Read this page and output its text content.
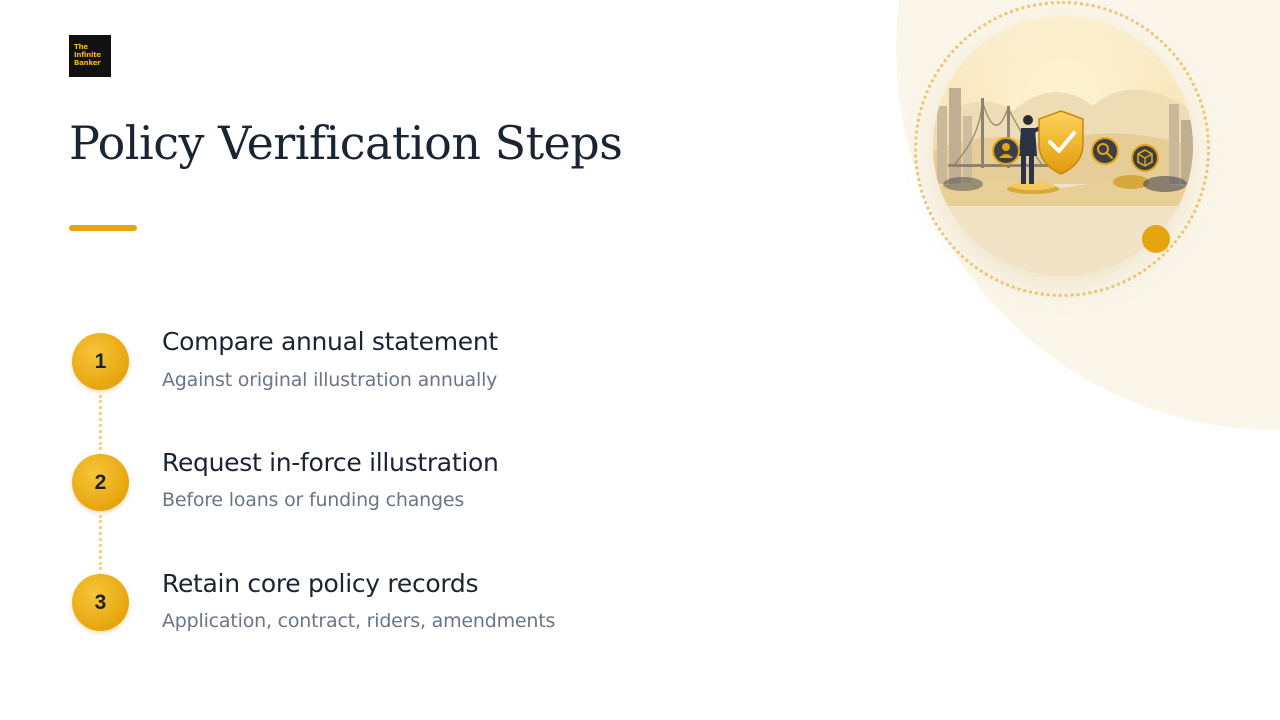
The
Infinite
Banker
Policy Verification Steps
1
Compare annual statement

Against original illustration annually

2
Request in-force illustration

Before loans or funding changes

3
Retain core policy records

Application, contract, riders, amendments
